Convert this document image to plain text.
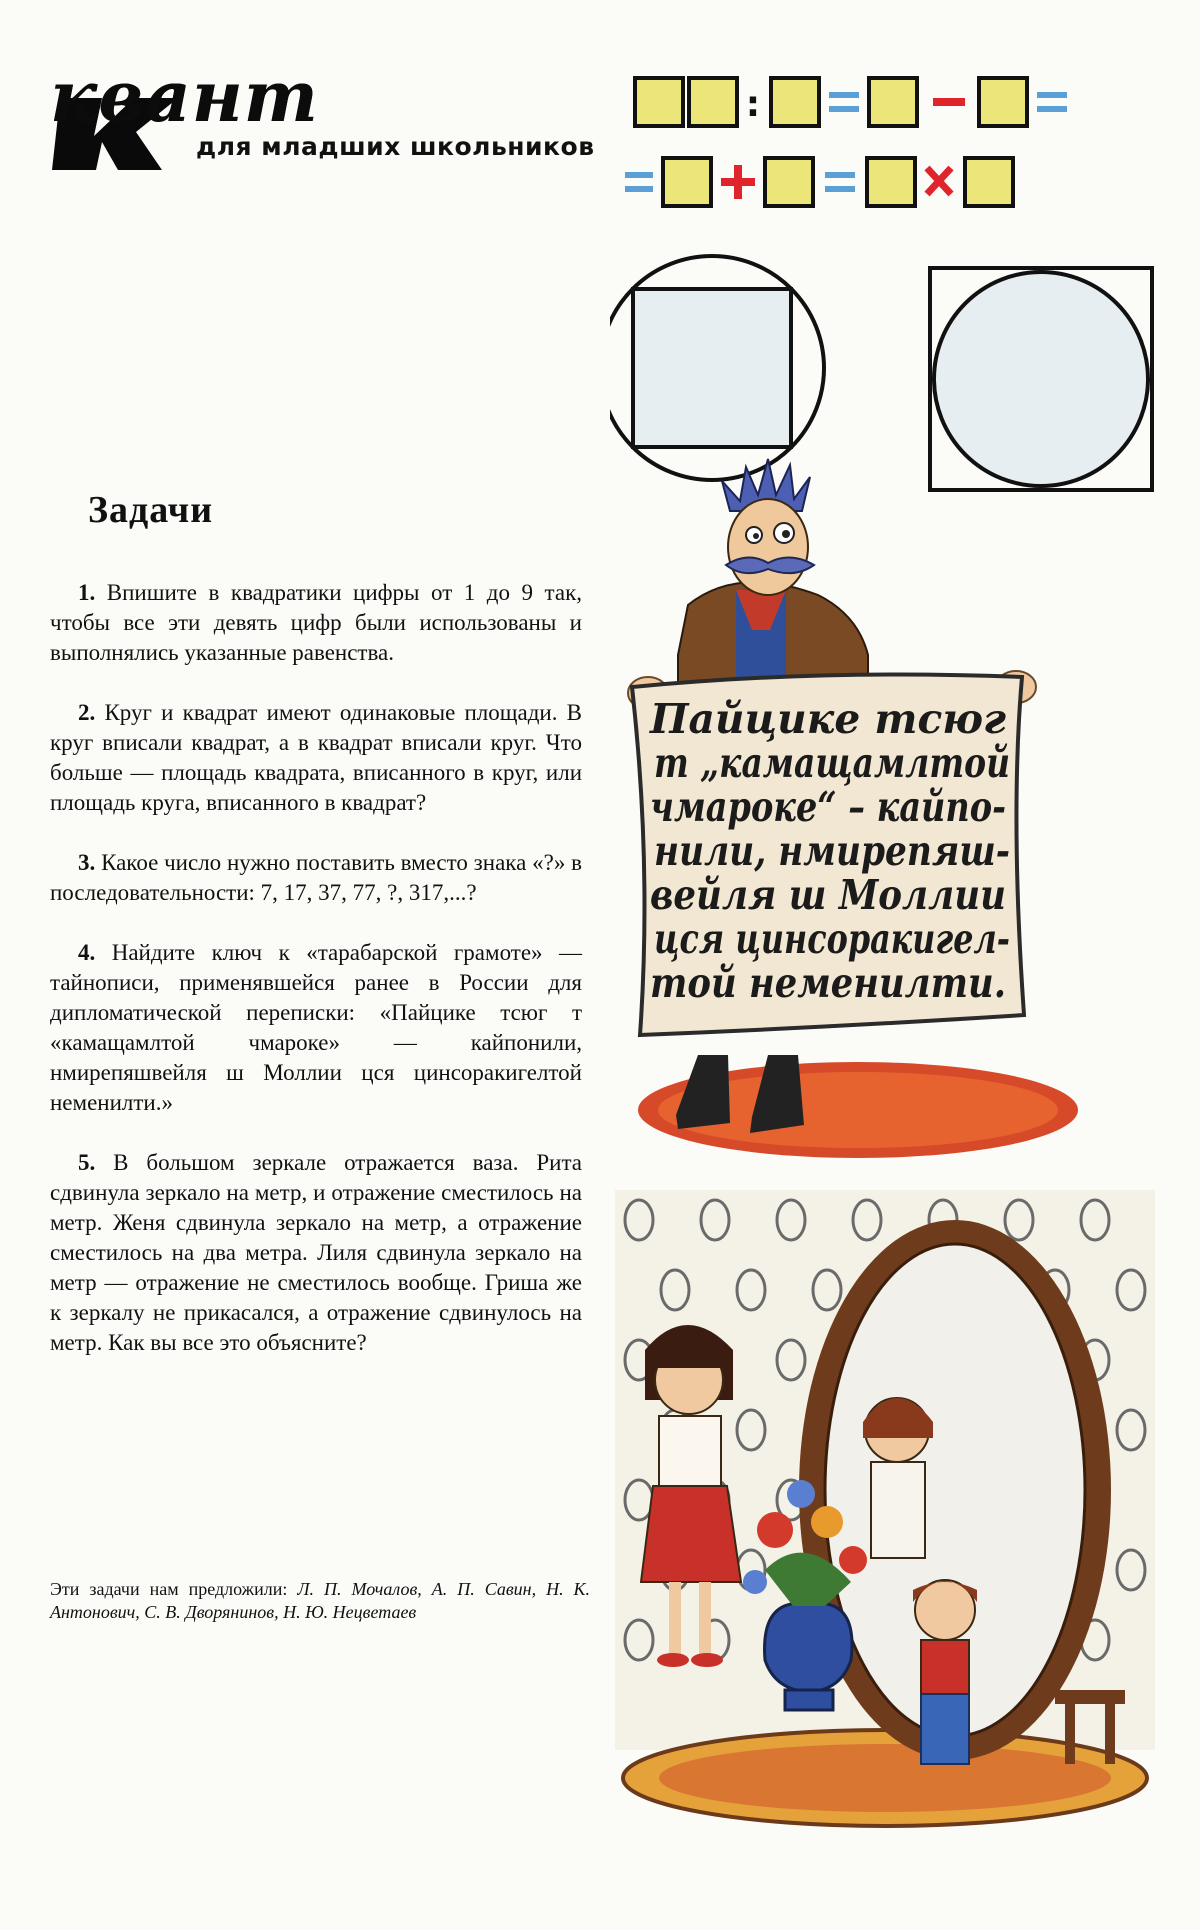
квант
для младших школьников
Задачи

1. Впишите в квадратики цифры от 1 до 9 так, чтобы все эти девять цифр были использованы и выполнялись указанные равенства.

2. Круг и квадрат имеют одинаковые площади. В круг вписали квадрат, а в квадрат вписали круг. Что больше — площадь квадрата, вписанного в круг, или площадь круга, вписанного в квадрат?

3. Какое число нужно поставить вместо знака «?» в последовательности: 7, 17, 37, 77, ?, 317,...?

4. Найдите ключ к «тарабарской грамоте» — тайнописи, применявшейся ранее в России для дипломатической переписки: «Пайцике тсюг т «камащамлтой чмароке» — кайпонили, нмирепяшвейля ш Моллии цся цинсоракигелтой неменилти.»

5. В большом зеркале отражается ваза. Рита сдвинула зеркало на метр, и отражение сместилось на метр. Женя сдвинула зеркало на метр, а отражение сместилось на два метра. Лиля сдвинула зеркало на метр — отражение не сместилось вообще. Гриша же к зеркалу не прикасался, а отражение сдвинулось на метр. Как вы все это объясните?

Эти задачи нам предложили: Л. П. Мочалов, А. П. Савин, Н. К. Антонович, С. В. Дворянинов, Н. Ю. Нецветаев
:
Пайцике тсюг
т „камащамлтой
чмароке“ – кайпо-
нили, нмирепяш-
вейля ш Моллии
цся цинсоракигел-
той неменилти.
